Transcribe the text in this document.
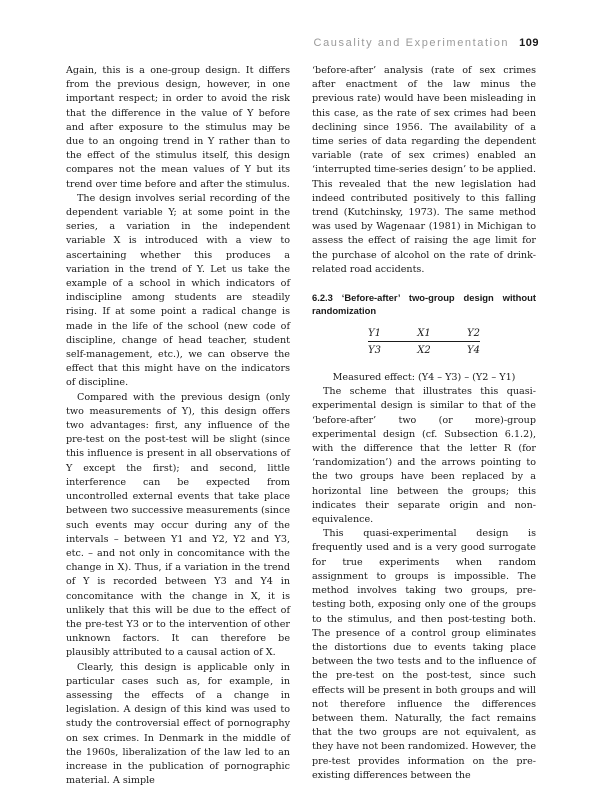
Causality and Experimentation 109

Again, this is a one-group design. It differs from the previous design, however, in one important respect; in order to avoid the risk that the difference in the value of Y before and after exposure to the stimulus may be due to an ongoing trend in Y rather than to the effect of the stimulus itself, this design compares not the mean values of Y but its trend over time before and after the stimulus.

The design involves serial recording of the dependent variable Y; at some point in the series, a variation in the independent variable X is introduced with a view to ascertaining whether this produces a variation in the trend of Y. Let us take the example of a school in which indicators of indiscipline among students are steadily rising. If at some point a radical change is made in the life of the school (new code of discipline, change of head teacher, student self-management, etc.), we can observe the effect that this might have on the indicators of discipline.

Compared with the previous design (only two measurements of Y), this design offers two advantages: first, any influence of the pre-test on the post-test will be slight (since this influence is present in all observations of Y except the first); and second, little interference can be expected from uncontrolled external events that take place between two successive measurements (since such events may occur during any of the intervals – between Y1 and Y2, Y2 and Y3, etc. – and not only in concomitance with the change in X). Thus, if a variation in the trend of Y is recorded between Y3 and Y4 in concomitance with the change in X, it is unlikely that this will be due to the effect of the pre-test Y3 or to the intervention of other unknown factors. It can therefore be plausibly attributed to a causal action of X.

Clearly, this design is applicable only in particular cases such as, for example, in assessing the effects of a change in legislation. A design of this kind was used to study the controversial effect of pornography on sex crimes. In Denmark in the middle of the 1960s, liberalization of the law led to an increase in the publication of pornographic material. A simple

‘before-after’ analysis (rate of sex crimes after enactment of the law minus the previous rate) would have been misleading in this case, as the rate of sex crimes had been declining since 1956. The availability of a time series of data regarding the dependent variable (rate of sex crimes) enabled an ‘interrupted time-series design’ to be applied. This revealed that the new legislation had indeed contributed positively to this falling trend (Kutchinsky, 1973). The same method was used by Wagenaar (1981) in Michigan to assess the effect of raising the age limit for the purchase of alcohol on the rate of drink-related road accidents.

6.2.3 ‘Before-after’ two-group design without randomization
Y1	X1	Y2
Y3	X2	Y4

Measured effect: (Y4 – Y3) – (Y2 – Y1)

The scheme that illustrates this quasi-experimental design is similar to that of the ‘before-after’ two (or more)-group experimental design (cf. Subsection 6.1.2), with the difference that the letter R (for ‘randomization’) and the arrows pointing to the two groups have been replaced by a horizontal line between the groups; this indicates their separate origin and non-equivalence.

This quasi-experimental design is frequently used and is a very good surrogate for true experiments when random assignment to groups is impossible. The method involves taking two groups, pre-testing both, exposing only one of the groups to the stimulus, and then post-testing both. The presence of a control group eliminates the distortions due to events taking place between the two tests and to the influence of the pre-test on the post-test, since such effects will be present in both groups and will not therefore influence the differences between them. Naturally, the fact remains that the two groups are not equivalent, as they have not been randomized. However, the pre-test provides information on the pre-existing differences between the
